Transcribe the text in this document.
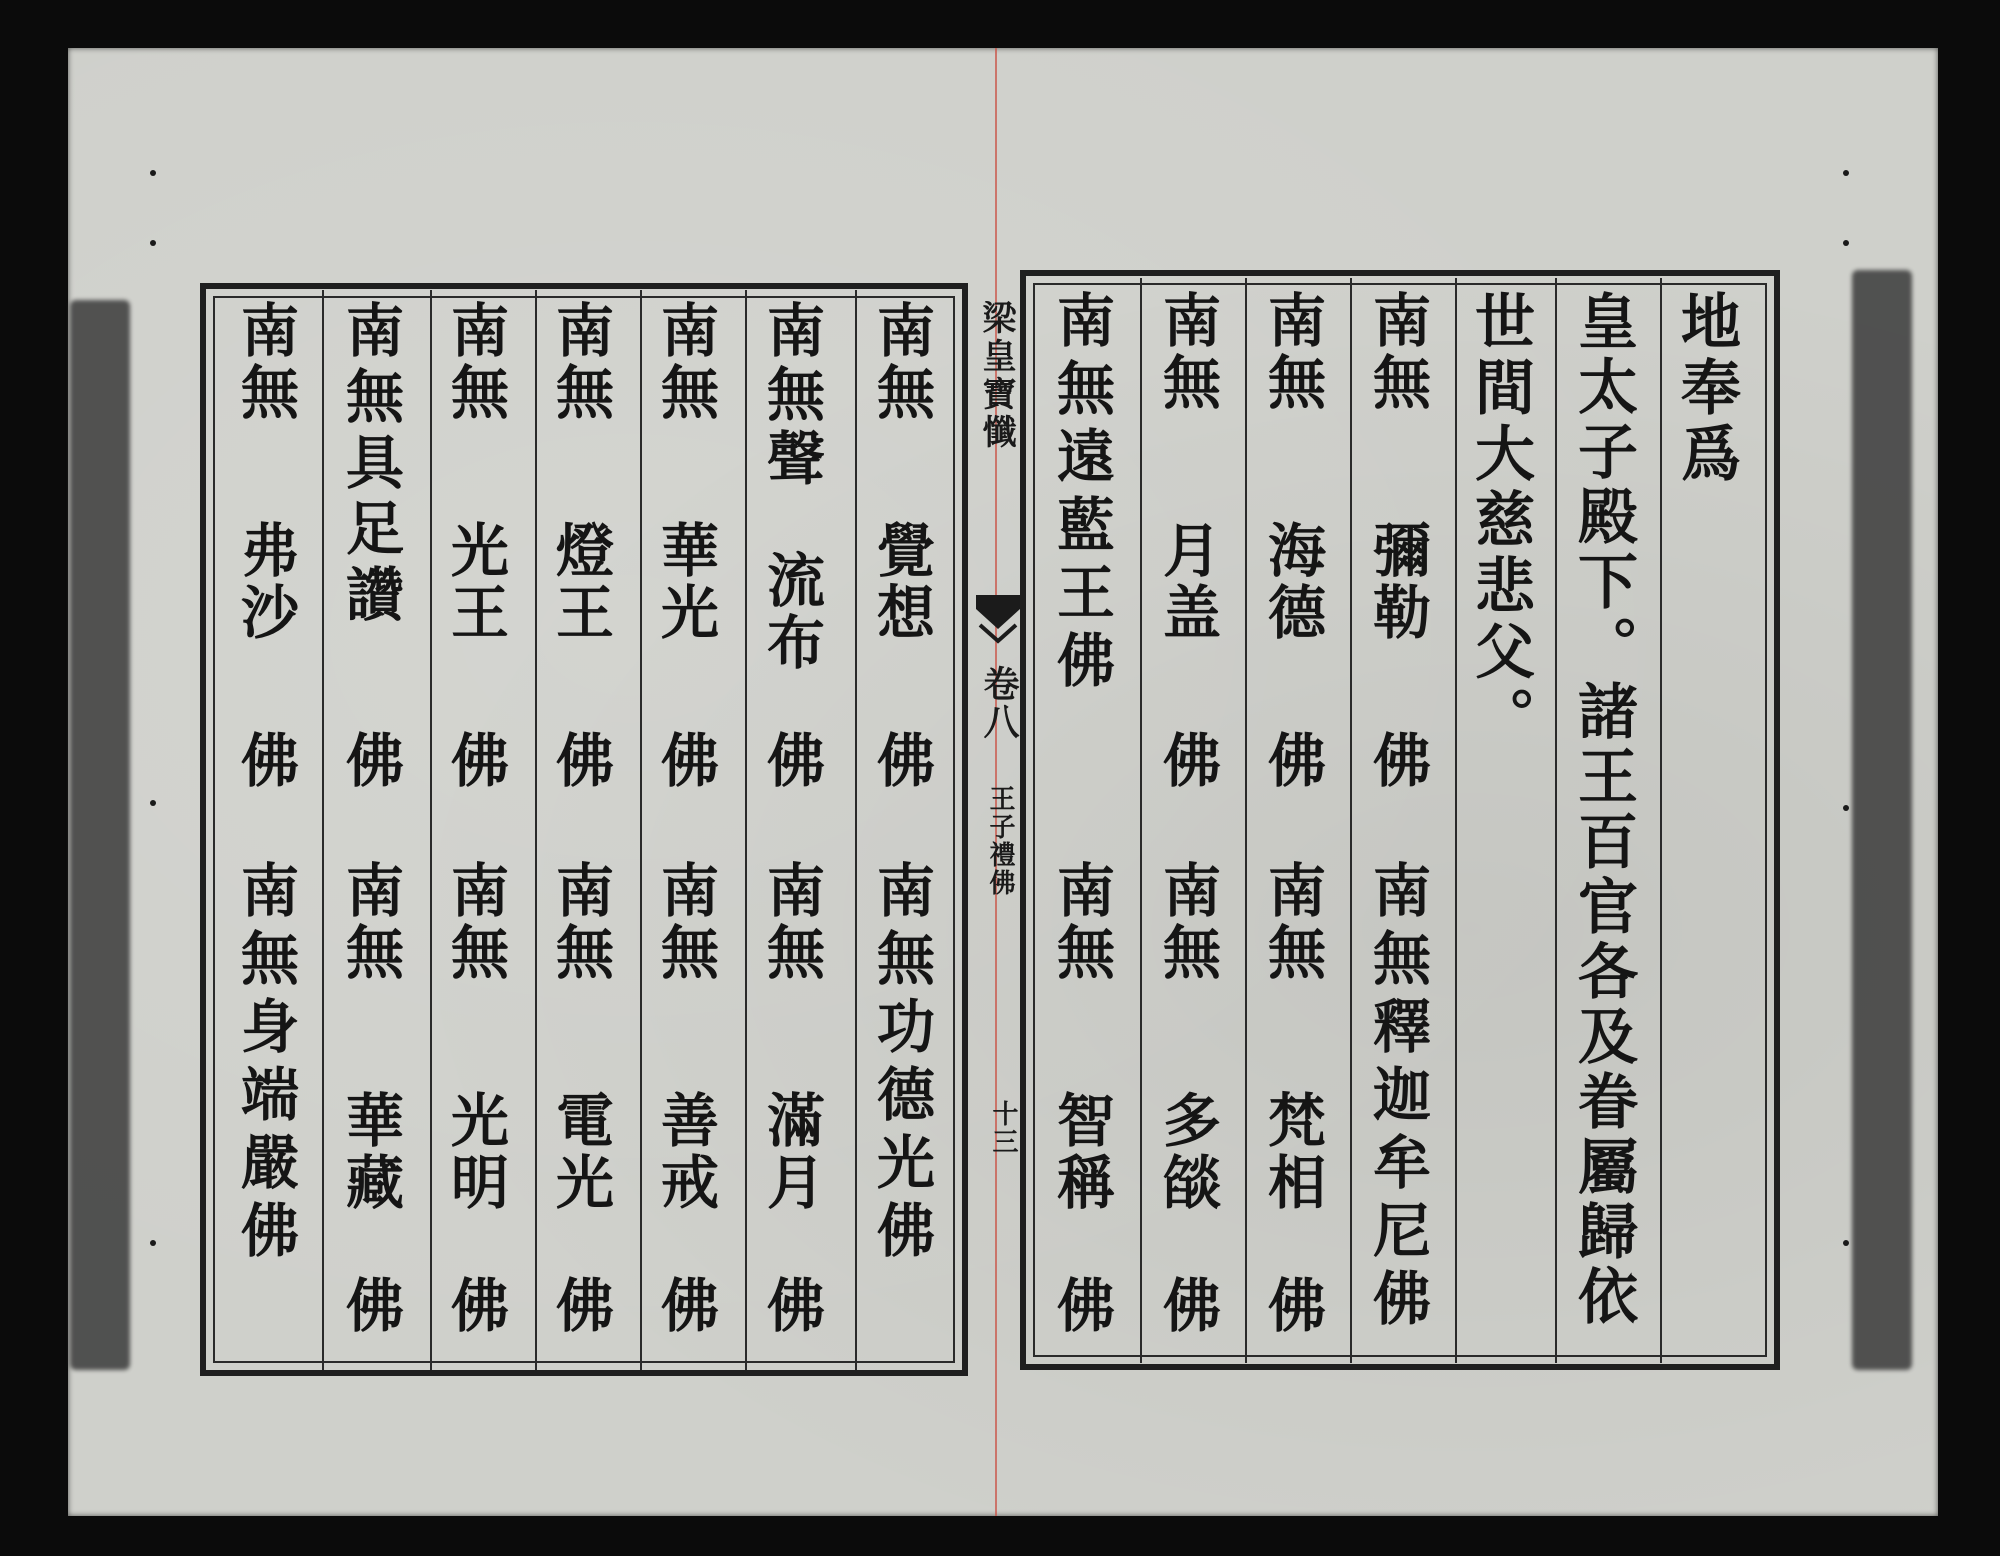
南無
覺想
佛
南無功德光佛
南無聲
流布
佛
南無
滿月
佛
南無
華光
佛
南無
善戒
佛
南無
燈王
佛
南無
電光
佛
南無
光王
佛
南無
光明
佛
南無具足讚
佛
南無
華藏
佛
南無
弗沙
佛
南無身端嚴佛
梁皇寶懺
卷八
王子禮佛
十三
地奉爲
皇太子殿下。諸王百官各及眷屬歸依
世間大慈悲父。
南無
彌勒
佛
南無釋迦牟尼佛
南無
海德
佛
南無
梵相
佛
南無
月盖
佛
南無
多燄
佛
南無遠藍王佛
南無
智稱
佛
